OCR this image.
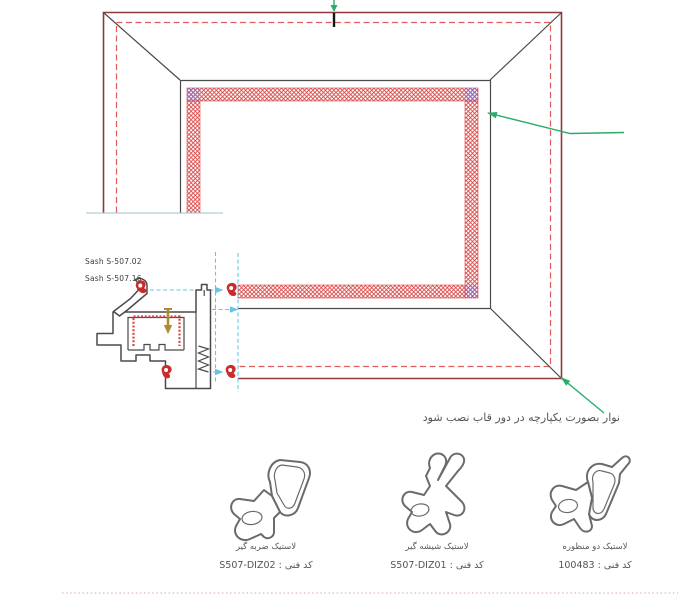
Sash S-507.02
Sash S-507.16
نوار بصورت یکپارچه در دور قاب نصب شود
لاستیک ضربه گیر
کد فنی : S507-DIZ02
لاستیک شیشه گیر
کد فنی : S507-DIZ01
لاستیک دو منظوره
کد فنی : 100483
